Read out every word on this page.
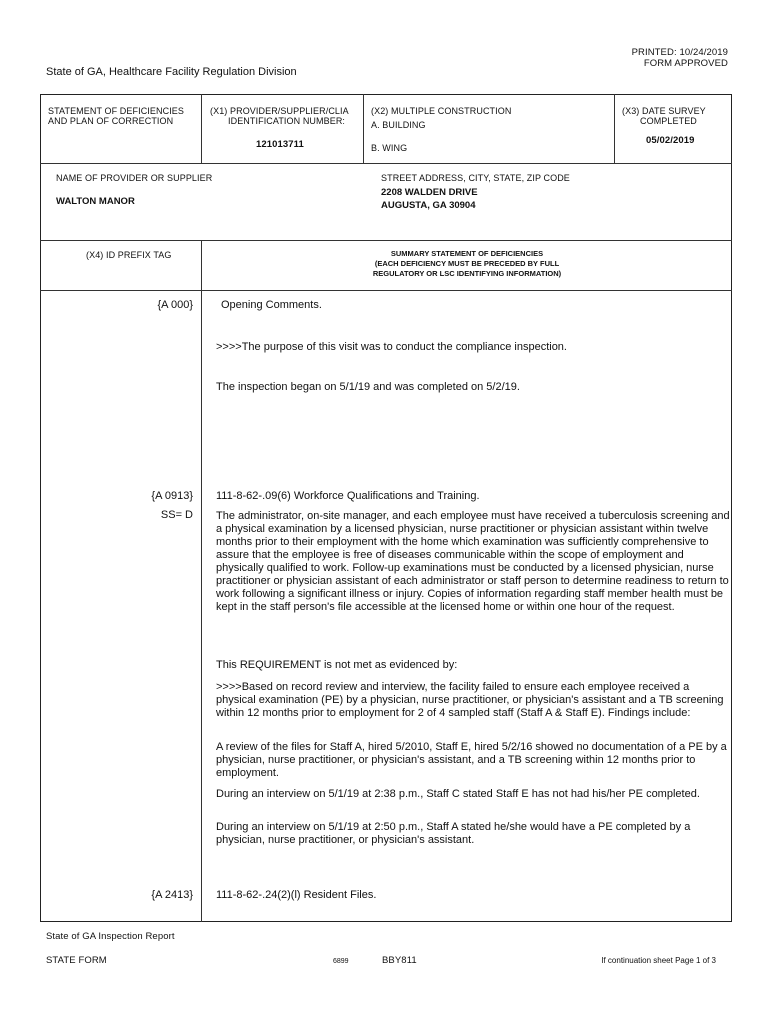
PRINTED: 10/24/2019
FORM APPROVED
State of GA, Healthcare Facility Regulation Division
STATEMENT OF DEFICIENCIES
AND PLAN OF CORRECTION
(X1) PROVIDER/SUPPLIER/CLIA
IDENTIFICATION NUMBER:
121013711
(X2) MULTIPLE CONSTRUCTION
A. BUILDING
B. WING
(X3) DATE SURVEY
COMPLETED
05/02/2019
NAME OF PROVIDER OR SUPPLIER
WALTON MANOR
STREET ADDRESS, CITY, STATE, ZIP CODE
2208 WALDEN DRIVE
AUGUSTA, GA 30904
(X4) ID PREFIX TAG	SUMMARY STATEMENT OF DEFICIENCIES
(EACH DEFICIENCY MUST BE PRECEDED BY FULL
REGULATORY OR LSC IDENTIFYING INFORMATION)
{A 000}	Opening Comments.
>>>>The purpose of this visit was to conduct the compliance inspection.
The inspection began on 5/1/19 and was completed on 5/2/19.
{A 0913}
SS= D
111-8-62-.09(6) Workforce Qualifications and Training.
The administrator, on-site manager, and each employee must have received a tuberculosis screening and a physical examination by a licensed physician, nurse practitioner or physician assistant within twelve months prior to their employment with the home which examination was sufficiently comprehensive to assure that the employee is free of diseases communicable within the scope of employment and physically qualified to work. Follow-up examinations must be conducted by a licensed physician, nurse practitioner or physician assistant of each administrator or staff person to determine readiness to return to work following a significant illness or injury. Copies of information regarding staff member health must be kept in the staff person's file accessible at the licensed home or within one hour of the request.
This REQUIREMENT is not met as evidenced by:
>>>>Based on record review and interview, the facility failed to ensure each employee received a physical examination (PE) by a physician, nurse practitioner, or physician's assistant and a TB screening within 12 months prior to employment for 2 of 4 sampled staff (Staff A & Staff E). Findings include:
A review of the files for Staff A, hired 5/2010, Staff E, hired 5/2/16 showed no documentation of a PE by a physician, nurse practitioner, or physician's assistant, and a TB screening within 12 months prior to employment.
During an interview on 5/1/19 at 2:38 p.m., Staff C stated Staff E has not had his/her PE completed.
During an interview on 5/1/19 at 2:50 p.m., Staff A stated he/she would have a PE completed by a physician, nurse practitioner, or physician's assistant.
{A 2413} 111-8-62-.24(2)(l) Resident Files.
State of GA Inspection Report
STATE FORM	6899	BBY811	If continuation sheet Page 1 of 3
